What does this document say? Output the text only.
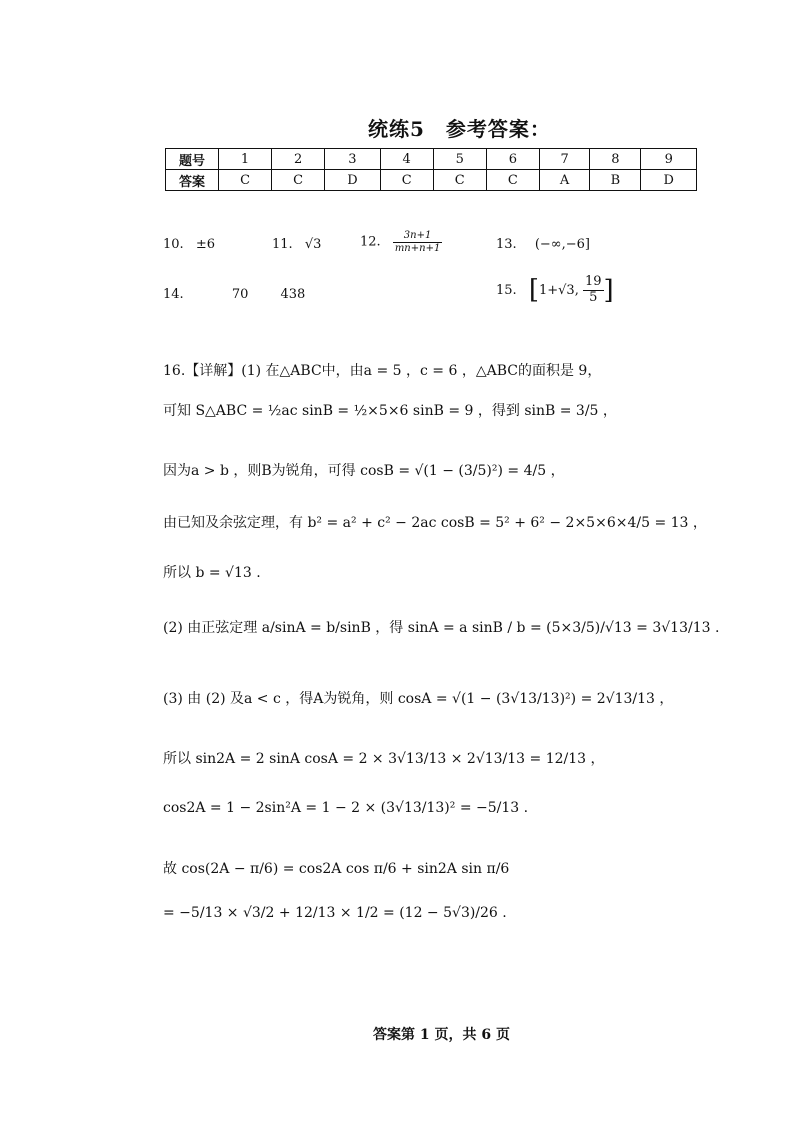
统练5　参考答案：
题号	1	2	3	4	5	6	7	8	9
答案	C	C	D	C	C	C	A	B	D
10. ±6	11. √3	12. $\frac{3n+1}{mn+n+1}$	13. (−∞,−6]
14.	70 438	15. [1+√3, $\frac{19}{5}$ ]
16.【详解】(1) 在△ABC中，由a = 5 ，c = 6 ，△ABC的面积是 9，
可知 S△ABC = ½ac sinB = ½×5×6 sinB = 9 ，得到 sinB = 3/5 ，
因为a > b ，则B为锐角，可得 cosB = √(1 − (3/5)²) = 4/5 ，
由已知及余弦定理，有 b² = a² + c² − 2ac cosB = 5² + 6² − 2×5×6×4/5 = 13 ，
所以 b = √13 .
(2) 由正弦定理 a/sinA = b/sinB ，得 sinA = a sinB / b = (5×3/5)/√13 = 3√13/13 .
(3) 由 (2) 及a < c ，得A为锐角，则 cosA = √(1 − (3√13/13)²) = 2√13/13 ，
所以 sin2A = 2 sinA cosA = 2 × 3√13/13 × 2√13/13 = 12/13 ，
cos2A = 1 − 2sin²A = 1 − 2 × (3√13/13)² = −5/13 .
故 cos(2A − π/6) = cos2A cos π/6 + sin2A sin π/6
= −5/13 × √3/2 + 12/13 × 1/2 = (12 − 5√3)/26 .
答案第 1 页，共 6 页
